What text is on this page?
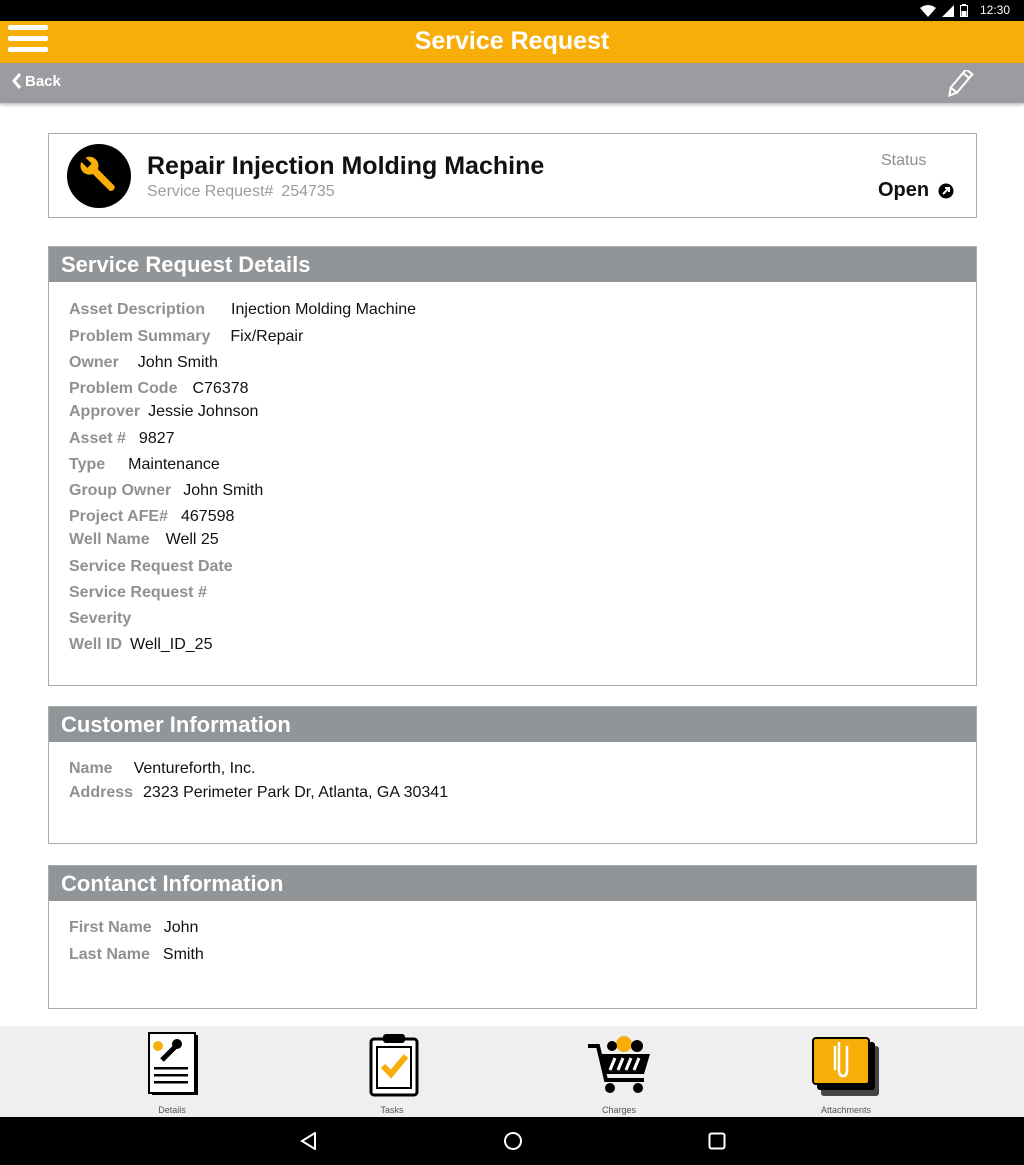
12:30
Service Request
Back
Repair Injection Molding Machine
Service Request# 254735
Status
Open
Service Request Details
Asset Description Injection Molding Machine
Problem Summary Fix/Repair
Owner John Smith
Problem Code C76378
Approver Jessie Johnson
Asset # 9827
Type Maintenance
Group Owner John Smith
Project AFE# 467598
Well Name Well 25
Service Request Date
Service Request #
Severity
Well ID Well_ID_25
Customer Information
Name Ventureforth, Inc.
Address 2323 Perimeter Park Dr, Atlanta, GA 30341
Contanct Information
First Name John
Last Name Smith
Details	Tasks	Charges	Attachments
